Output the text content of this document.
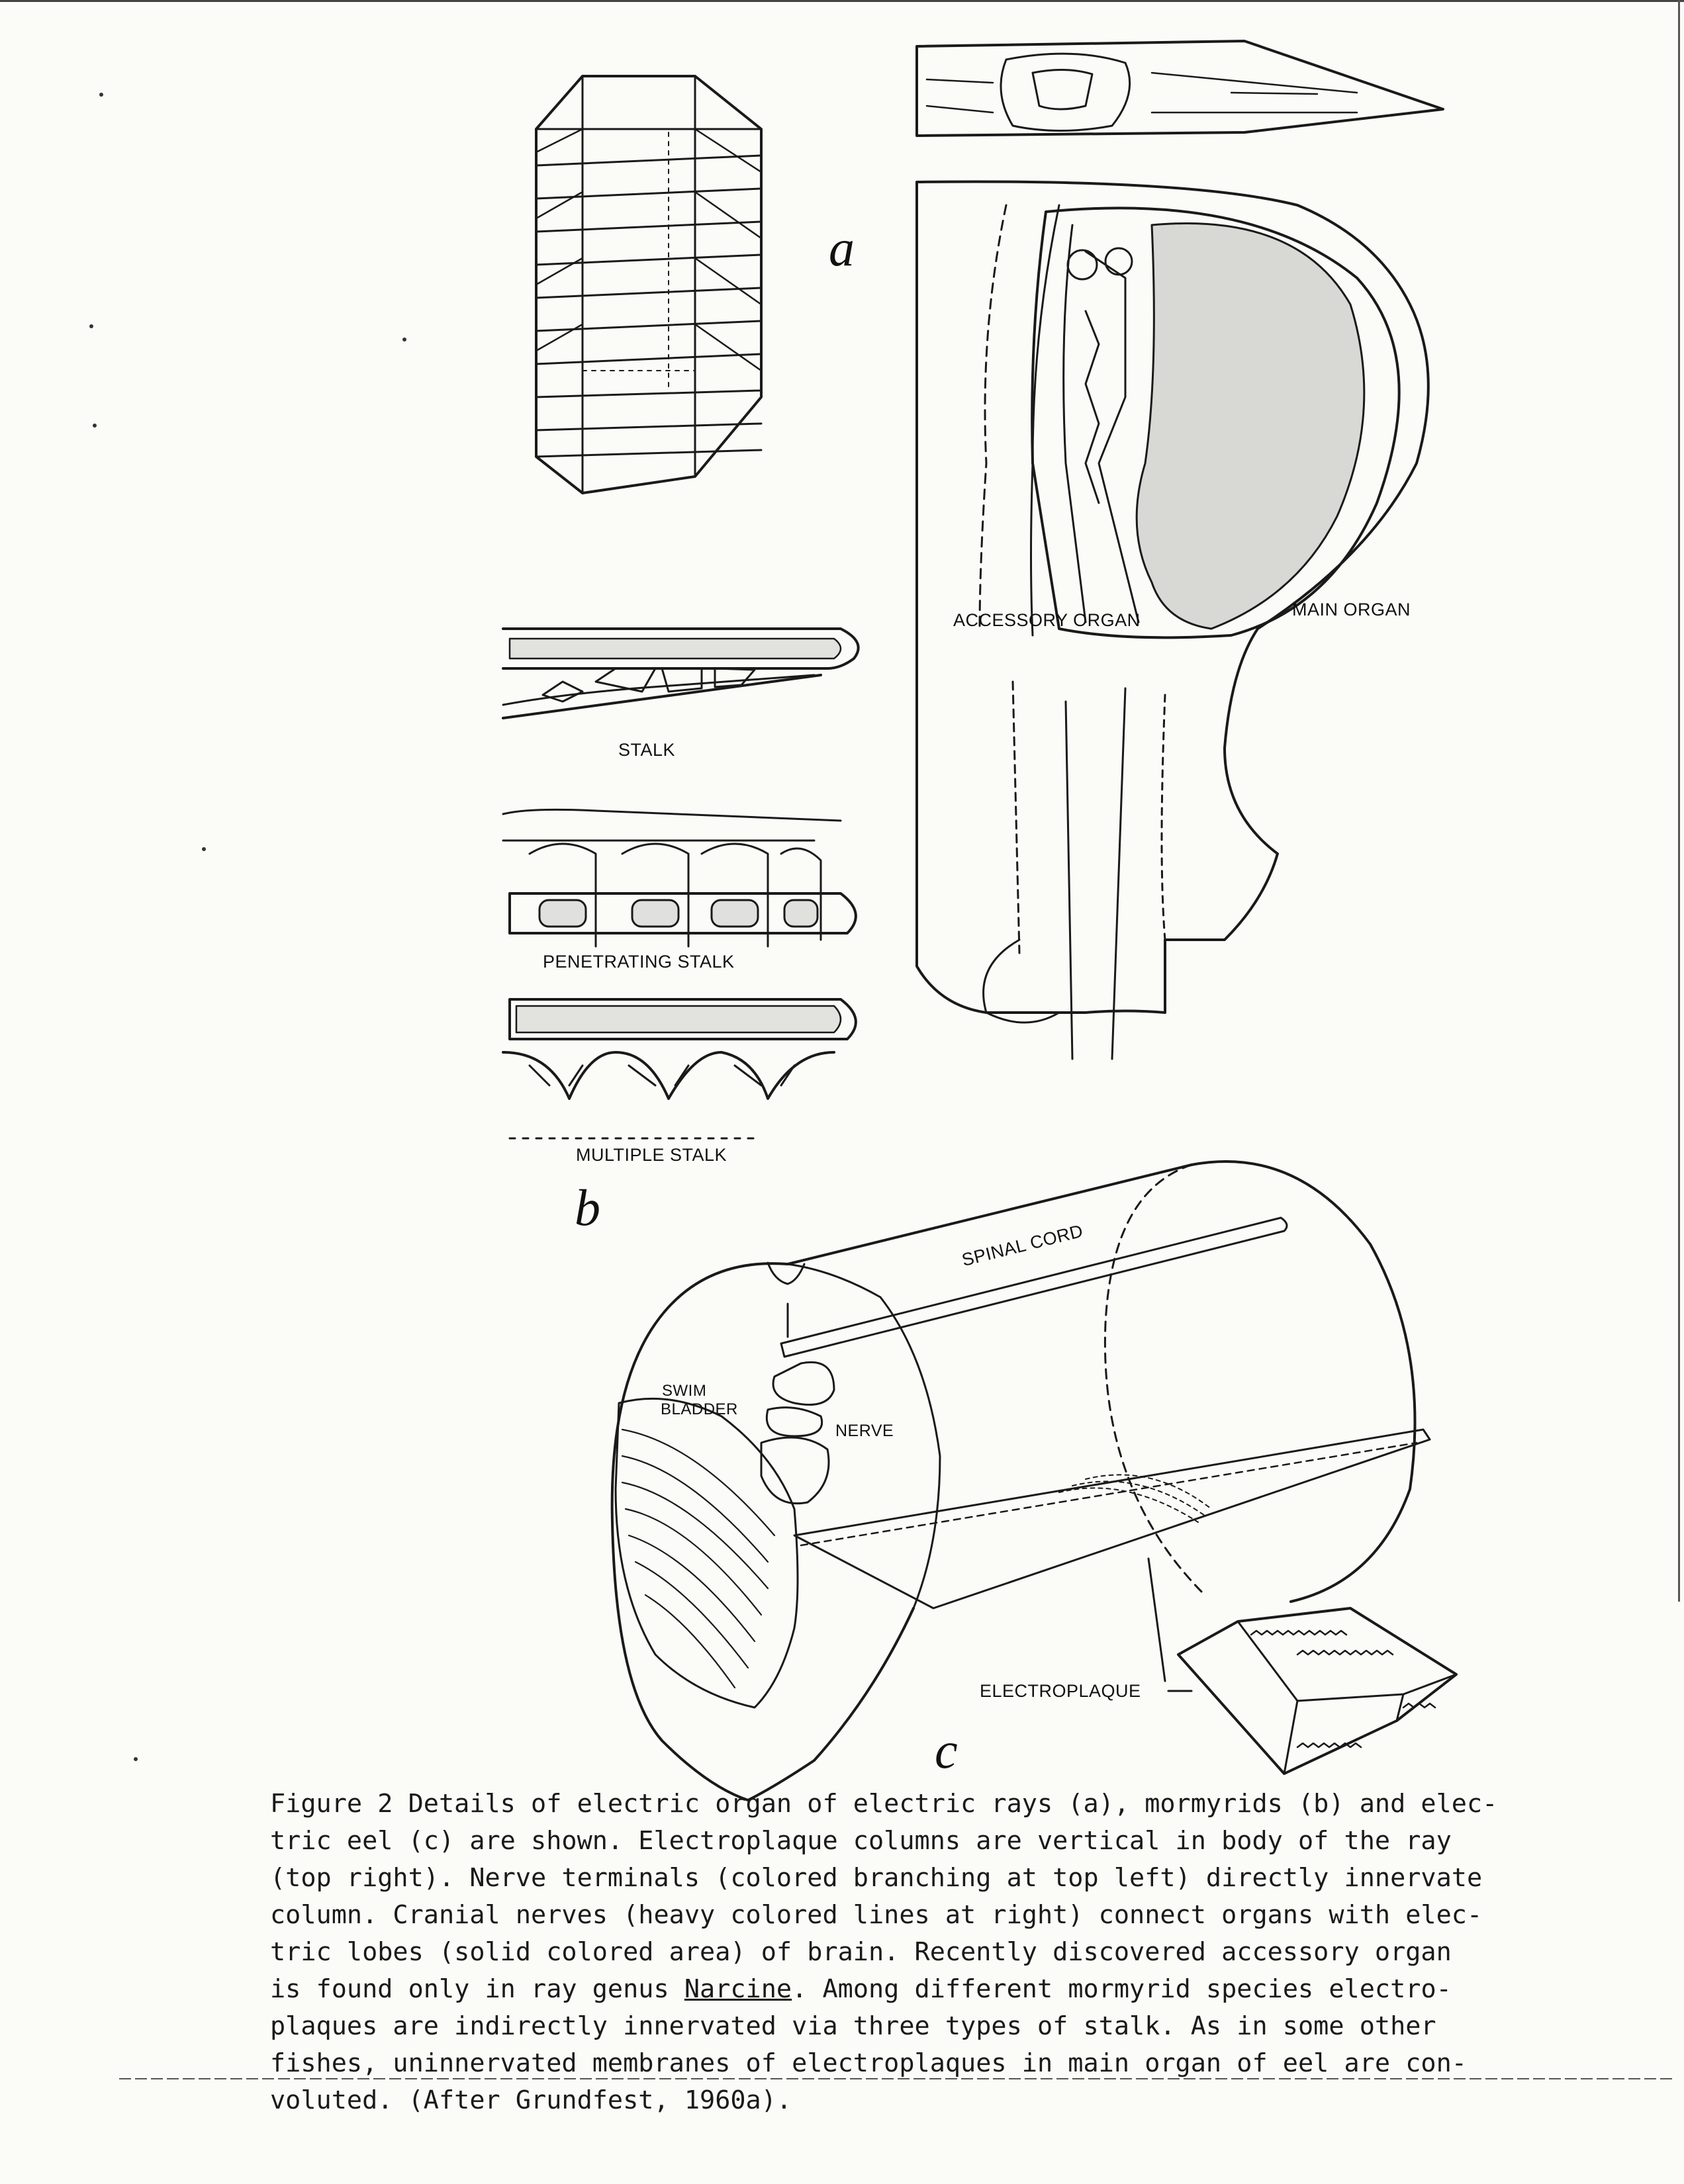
a
b
c
ACCESSORY ORGAN
MAIN ORGAN
STALK
PENETRATING STALK
MULTIPLE STALK
SPINAL CORD
SWIM
BLADDER
NERVE
ELECTROPLAQUE
Figure 2 Details of electric organ of electric rays (a), mormyrids (b) and elec-
tric eel (c) are shown. Electroplaque columns are vertical in body of the ray
(top right). Nerve terminals (colored branching at top left) directly innervate
column. Cranial nerves (heavy colored lines at right) connect organs with elec-
tric lobes (solid colored area) of brain. Recently discovered accessory organ
is found only in ray genus Narcine. Among different mormyrid species electro-
plaques are indirectly innervated via three types of stalk. As in some other
fishes, uninnervated membranes of electroplaques in main organ of eel are con-
voluted. (After Grundfest, 1960a).
